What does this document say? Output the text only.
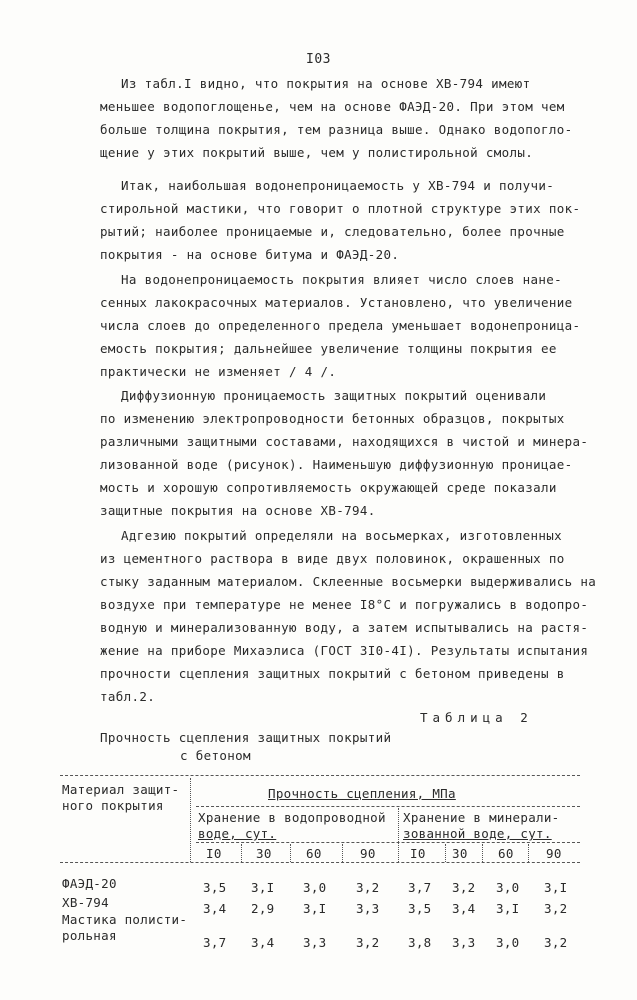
I03
Из табл.I видно, что покрытия на основе ХВ-794 имеют
меньшее водопоглощенье, чем на основе ФАЭД-20. При этом чем
больше толщина покрытия, тем разница выше. Однако водопогло-
щение у этих покрытий выше, чем у полистирольной смолы.
Итак, наибольшая водонепроницаемость у ХВ-794 и получи-
стирольной мастики, что говорит о плотной структуре этих пок-
рытий; наиболее проницаемые и, следовательно, более прочные
покрытия - на основе битума и ФАЭД-20.
На водонепроницаемость покрытия влияет число слоев нане-
сенных лакокрасочных материалов. Установлено, что увеличение
числа слоев до определенного предела уменьшает водонепроница-
емость покрытия; дальнейшее увеличение толщины покрытия ее
практически не изменяет / 4 /.
Диффузионную проницаемость защитных покрытий оценивали
по изменению электропроводности бетонных образцов, покрытых
различными защитными составами, находящихся в чистой и минера-
лизованной воде (рисунок). Наименьшую диффузионную проницае-
мость и хорошую сопротивляемость окружающей среде показали
защитные покрытия на основе ХВ-794.
Адгезию покрытий определяли на восьмерках, изготовленных
из цементного раствора в виде двух половинок, окрашенных по
стыку заданным материалом. Склеенные восьмерки выдерживались на
воздухе при температуре не менее I8°С и погружались в водопро-
водную и минерализованную воду, а затем испытывались на растя-
жение на приборе Михаэлиса (ГОСТ 3I0-4I). Результаты испытания
прочности сцепления защитных покрытий с бетоном приведены в
табл.2.
Таблица 2
Прочность сцепления защитных покрытий
с бетоном
Материал защит-
ного покрытия
Прочность сцепления, МПа
Хранение в водопроводной
воде, сут.
Хранение в минерали-
зованной воде, сут.
I0	30	60	90	I0 30 60	90
ФАЭД-20	3,5 3,I 3,0 3,2 3,7 3,2 3,0 3,I
ХВ-794	3,4 2,9 3,I 3,3 3,5 3,4 3,I 3,2
Мастика полисти-
рольная	3,7 3,4 3,3 3,2 3,8 3,3 3,0 3,2
